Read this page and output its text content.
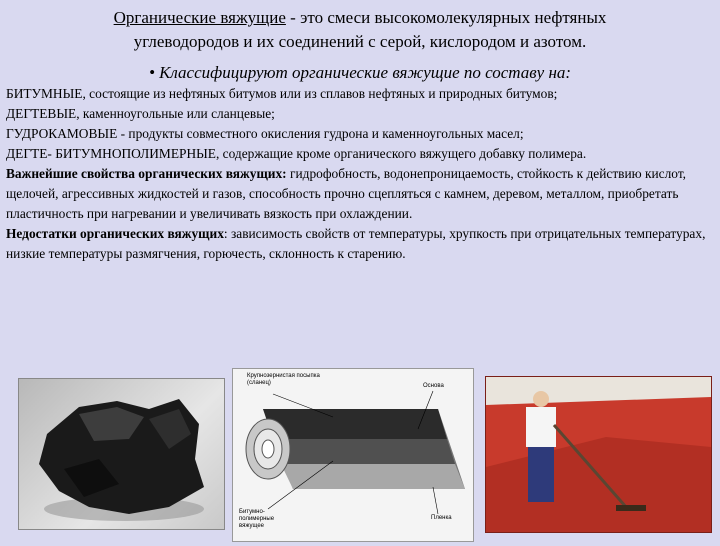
Органические вяжущие - это смеси высокомолекулярных нефтяных
углеводородов и их соединений с серой, кислородом и азотом.
• Классифицируют органические вяжущие по составу на:

БИТУМНЫЕ, состоящие из нефтяных битумов или из сплавов нефтяных и природных битумов;

ДЕГТЕВЫЕ, каменноугольные или сланцевые;

ГУДРОКАМОВЫЕ - продукты совместного окисления гудрона и каменноугольных масел;

ДЕГТЕ- БИТУМНОПОЛИМЕРНЫЕ, содержащие кроме органического вяжущего добавку полимера.

Важнейшие свойства органических вяжущих: гидрофобность, водонепроницаемость, стойкость к действию кислот, щелочей, агрессивных жидкостей и газов, способность прочно сцепляться с камнем, деревом, металлом, приобретать пластичность при нагревании и увеличивать вязкость при охлаждении.

Недостатки органических вяжущих: зависимость свойств от температуры, хрупкость при отрицательных температурах, низкие температуры размягчения, горючесть, склонность к старению.

Крупнозернистая посыпка (сланец)	Основа
Битумно-полимерные вяжущее
Пленка
